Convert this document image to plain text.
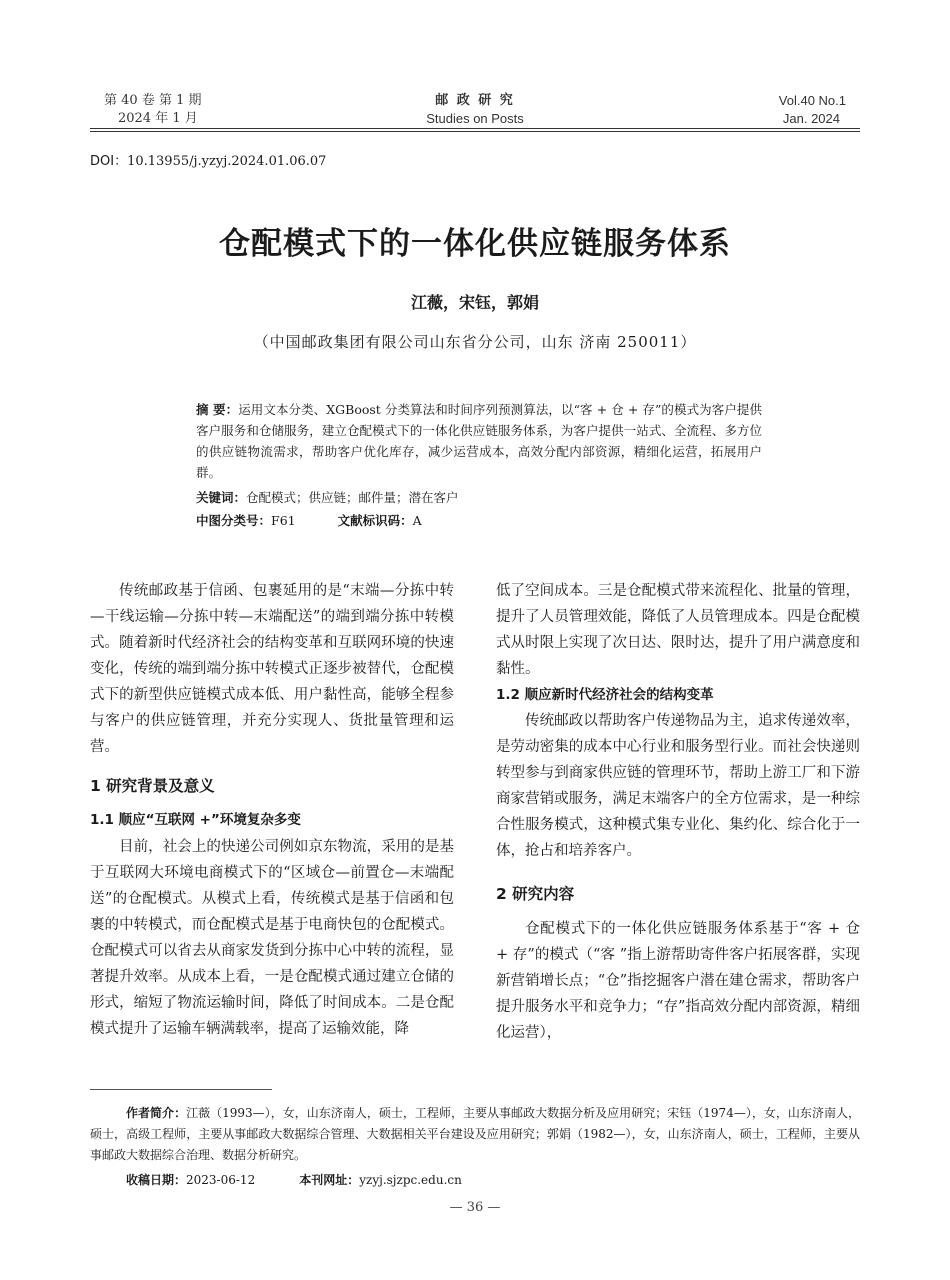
第 40 卷 第 1 期
2024 年 1 月
邮 政 研 究
Studies on Posts
Vol.40 No.1
Jan. 2024
DOI：10.13955/j.yzyj.2024.01.06.07
仓配模式下的一体化供应链服务体系
江薇，宋钰，郭娟
（中国邮政集团有限公司山东省分公司，山东 济南 250011）
摘 要：运用文本分类、XGBoost 分类算法和时间序列预测算法，以“客 + 仓 + 存”的模式为客户提供客户服务和仓储服务，建立仓配模式下的一体化供应链服务体系，为客户提供一站式、全流程、多方位的供应链物流需求，帮助客户优化库存，减少运营成本，高效分配内部资源，精细化运营，拓展用户群。
关键词：仓配模式；供应链；邮件量；潜在客户
中图分类号：F61	文献标识码：A

传统邮政基于信函、包裹延用的是“末端—分拣中转—干线运输—分拣中转—末端配送”的端到端分拣中转模式。随着新时代经济社会的结构变革和互联网环境的快速变化，传统的端到端分拣中转模式正逐步被替代，仓配模式下的新型供应链模式成本低、用户黏性高，能够全程参与客户的供应链管理，并充分实现人、货批量管理和运营。

1 研究背景及意义
1.1 顺应“互联网 +”环境复杂多变

目前，社会上的快递公司例如京东物流，采用的是基于互联网大环境电商模式下的“区域仓—前置仓—末端配送”的仓配模式。从模式上看，传统模式是基于信函和包裹的中转模式，而仓配模式是基于电商快包的仓配模式。仓配模式可以省去从商家发货到分拣中心中转的流程，显著提升效率。从成本上看，一是仓配模式通过建立仓储的形式，缩短了物流运输时间，降低了时间成本。二是仓配模式提升了运输车辆满载率，提高了运输效能，降

低了空间成本。三是仓配模式带来流程化、批量的管理，提升了人员管理效能，降低了人员管理成本。四是仓配模式从时限上实现了次日达、限时达，提升了用户满意度和黏性。

1.2 顺应新时代经济社会的结构变革

传统邮政以帮助客户传递物品为主，追求传递效率，是劳动密集的成本中心行业和服务型行业。而社会快递则转型参与到商家供应链的管理环节，帮助上游工厂和下游商家营销或服务，满足末端客户的全方位需求，是一种综合性服务模式，这种模式集专业化、集约化、综合化于一体，抢占和培养客户。

2 研究内容

仓配模式下的一体化供应链服务体系基于“客 + 仓 + 存”的模式（“客 ”指上游帮助寄件客户拓展客群，实现新营销增长点；“仓”指挖掘客户潜在建仓需求，帮助客户提升服务水平和竞争力；“存”指高效分配内部资源，精细化运营），

作者简介：江薇（1993—），女，山东济南人，硕士，工程师，主要从事邮政大数据分析及应用研究；宋钰（1974—），女，山东济南人，硕士，高级工程师，主要从事邮政大数据综合管理、大数据相关平台建设及应用研究；郭娟（1982—），女，山东济南人，硕士，工程师，主要从事邮政大数据综合治理、数据分析研究。
收稿日期：2023-06-12	本刊网址：yzyj.sjzpc.edu.cn
— 36 —
